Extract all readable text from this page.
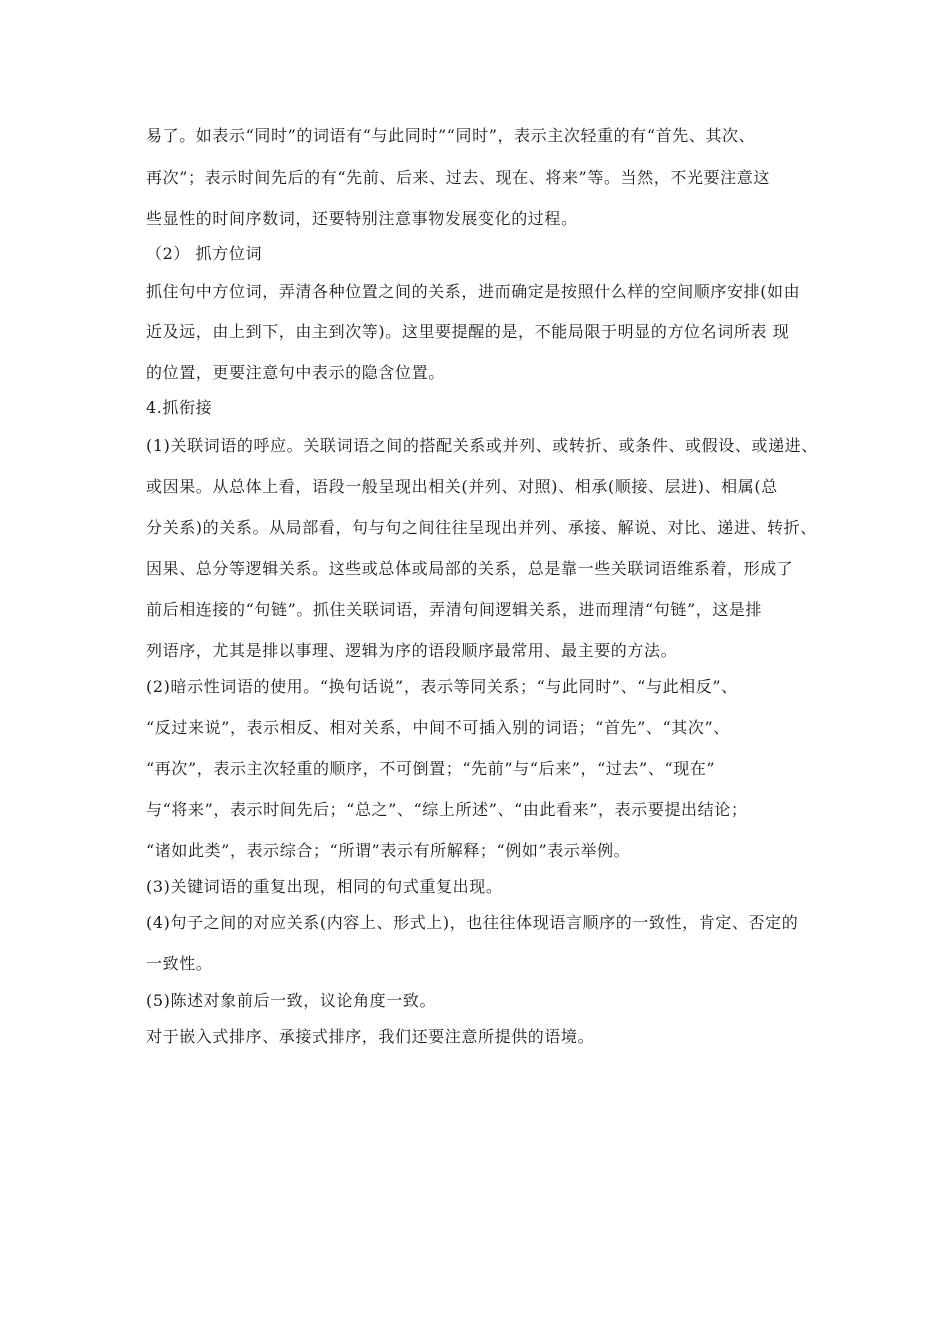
易了。如表示“同时”的词语有“与此同时”“同时”，表示主次轻重的有“首先、其次、
再次”；表示时间先后的有“先前、后来、过去、现在、将来”等。当然，不光要注意这
些显性的时间序数词，还要特别注意事物发展变化的过程。
（2） 抓方位词
抓住句中方位词，弄清各种位置之间的关系，进而确定是按照什么样的空间顺序安排(如由
近及远，由上到下，由主到次等)。这里要提醒的是，不能局限于明显的方位名词所表 现
的位置，更要注意句中表示的隐含位置。
4.抓衔接
(1)关联词语的呼应。关联词语之间的搭配关系或并列、或转折、或条件、或假设、或递进、
或因果。从总体上看，语段一般呈现出相关(并列、对照)、相承(顺接、层进)、相属(总
分关系)的关系。从局部看，句与句之间往往呈现出并列、承接、解说、对比、递进、转折、
因果、总分等逻辑关系。这些或总体或局部的关系，总是靠一些关联词语维系着，形成了
前后相连接的“句链”。抓住关联词语，弄清句间逻辑关系，进而理清“句链”，这是排
列语序，尤其是排以事理、逻辑为序的语段顺序最常用、最主要的方法。
(2)暗示性词语的使用。“换句话说”，表示等同关系；“与此同时”、“与此相反”、
“反过来说”，表示相反、相对关系，中间不可插入别的词语；“首先”、“其次”、
“再次”，表示主次轻重的顺序，不可倒置；“先前”与“后来”，“过去”、“现在”
与“将来”，表示时间先后；“总之”、“综上所述”、“由此看来”，表示要提出结论；
“诸如此类”，表示综合；“所谓”表示有所解释；“例如”表示举例。
(3)关键词语的重复出现，相同的句式重复出现。
(4)句子之间的对应关系(内容上、形式上)，也往往体现语言顺序的一致性，肯定、否定的
一致性。
(5)陈述对象前后一致，议论角度一致。
对于嵌入式排序、承接式排序，我们还要注意所提供的语境。
